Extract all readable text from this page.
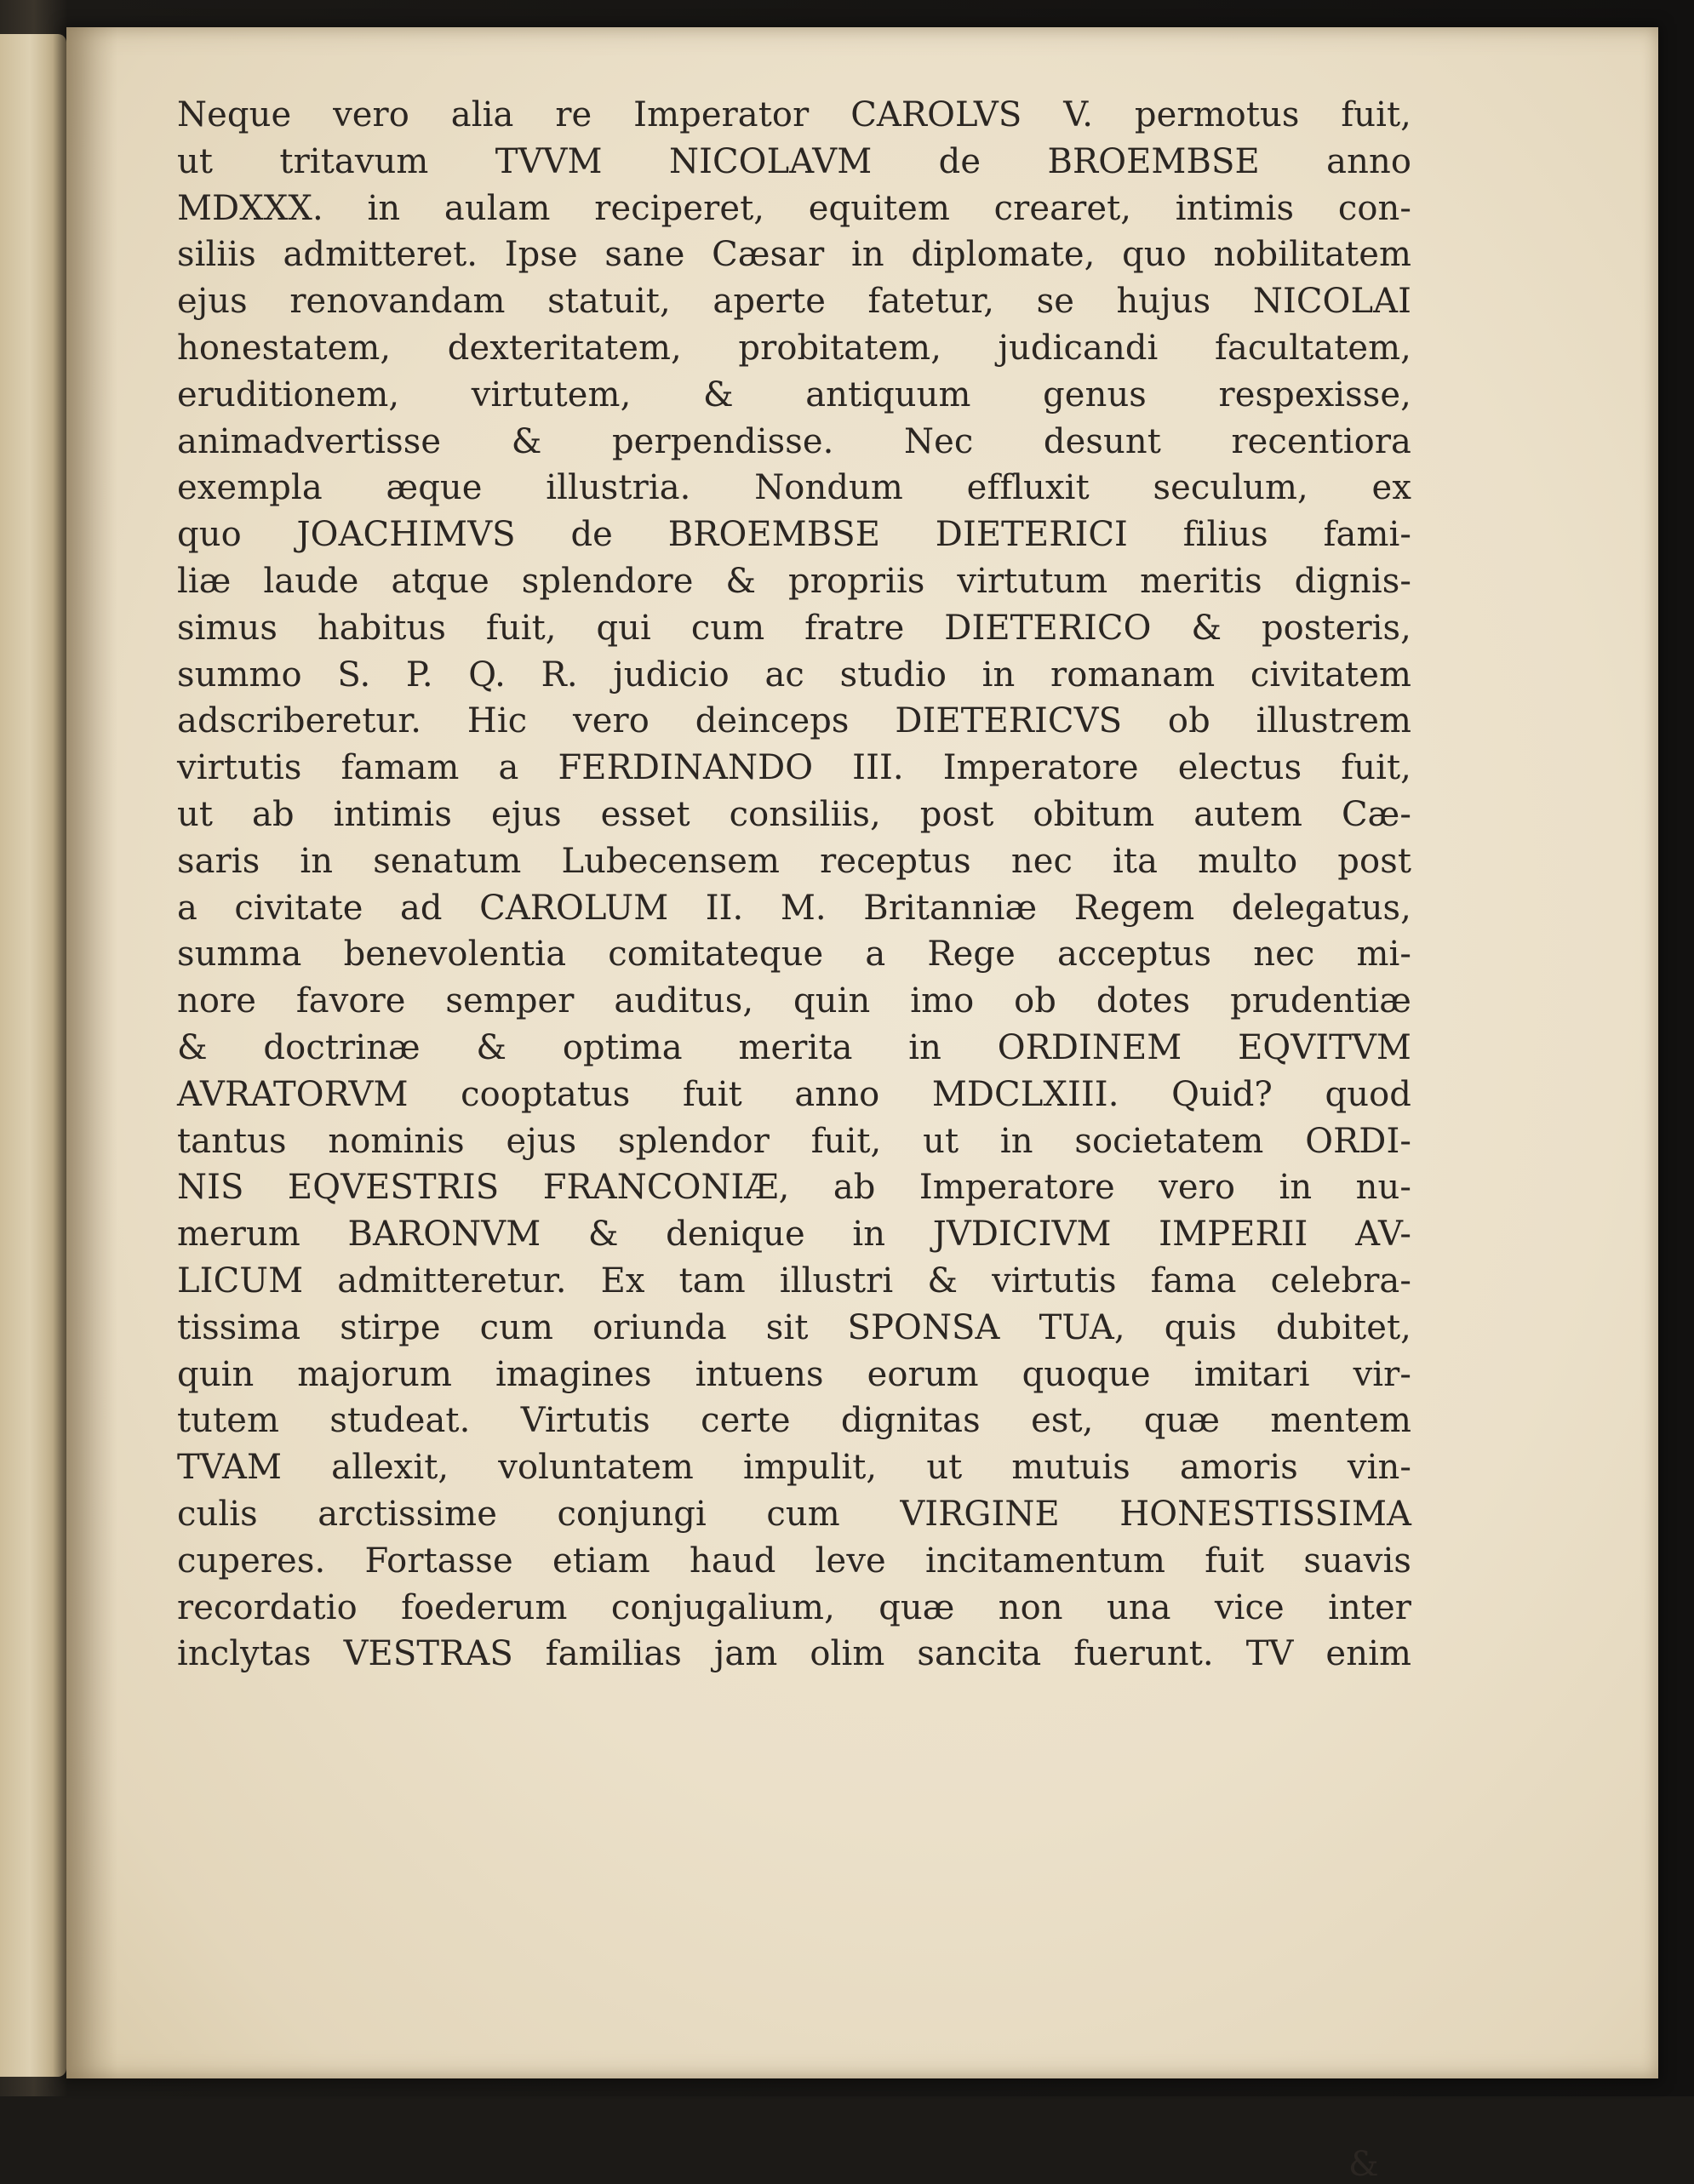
Neque vero alia re Imperator CAROLVS V. permotus fuit,
ut tritavum TVVM NICOLAVM de BROEMBSE anno
MDXXX. in aulam reciperet, equitem crearet, intimis con-
siliis admitteret. Ipse sane Cæsar in diplomate, quo nobilitatem
ejus renovandam statuit, aperte fatetur, se hujus NICOLAI
honestatem, dexteritatem, probitatem, judicandi facultatem,
eruditionem, virtutem, & antiquum genus respexisse,
animadvertisse & perpendisse. Nec desunt recentiora
exempla æque illustria. Nondum effluxit seculum, ex
quo JOACHIMVS de BROEMBSE DIETERICI filius fami-
liæ laude atque splendore & propriis virtutum meritis dignis-
simus habitus fuit, qui cum fratre DIETERICO & posteris,
summo S. P. Q. R. judicio ac studio in romanam civitatem
adscriberetur. Hic vero deinceps DIETERICVS ob illustrem
virtutis famam a FERDINANDO III. Imperatore electus fuit,
ut ab intimis ejus esset consiliis, post obitum autem Cæ-
saris in senatum Lubecensem receptus nec ita multo post
a civitate ad CAROLUM II. M. Britanniæ Regem delegatus,
summa benevolentia comitateque a Rege acceptus nec mi-
nore favore semper auditus, quin imo ob dotes prudentiæ
& doctrinæ & optima merita in ORDINEM EQVITVM
AVRATORVM cooptatus fuit anno MDCLXIII. Quid? quod
tantus nominis ejus splendor fuit, ut in societatem ORDI-
NIS EQVESTRIS FRANCONIÆ, ab Imperatore vero in nu-
merum BARONVM & denique in JVDICIVM IMPERII AV-
LICUM admitteretur. Ex tam illustri & virtutis fama celebra-
tissima stirpe cum oriunda sit SPONSA TUA, quis dubitet,
quin majorum imagines intuens eorum quoque imitari vir-
tutem studeat. Virtutis certe dignitas est, quæ mentem
TVAM allexit, voluntatem impulit, ut mutuis amoris vin-
culis arctissime conjungi cum VIRGINE HONESTISSIMA
cuperes. Fortasse etiam haud leve incitamentum fuit suavis
recordatio foederum conjugalium, quæ non una vice inter
inclytas VESTRAS familias jam olim sancita fuerunt. TV enim
&
